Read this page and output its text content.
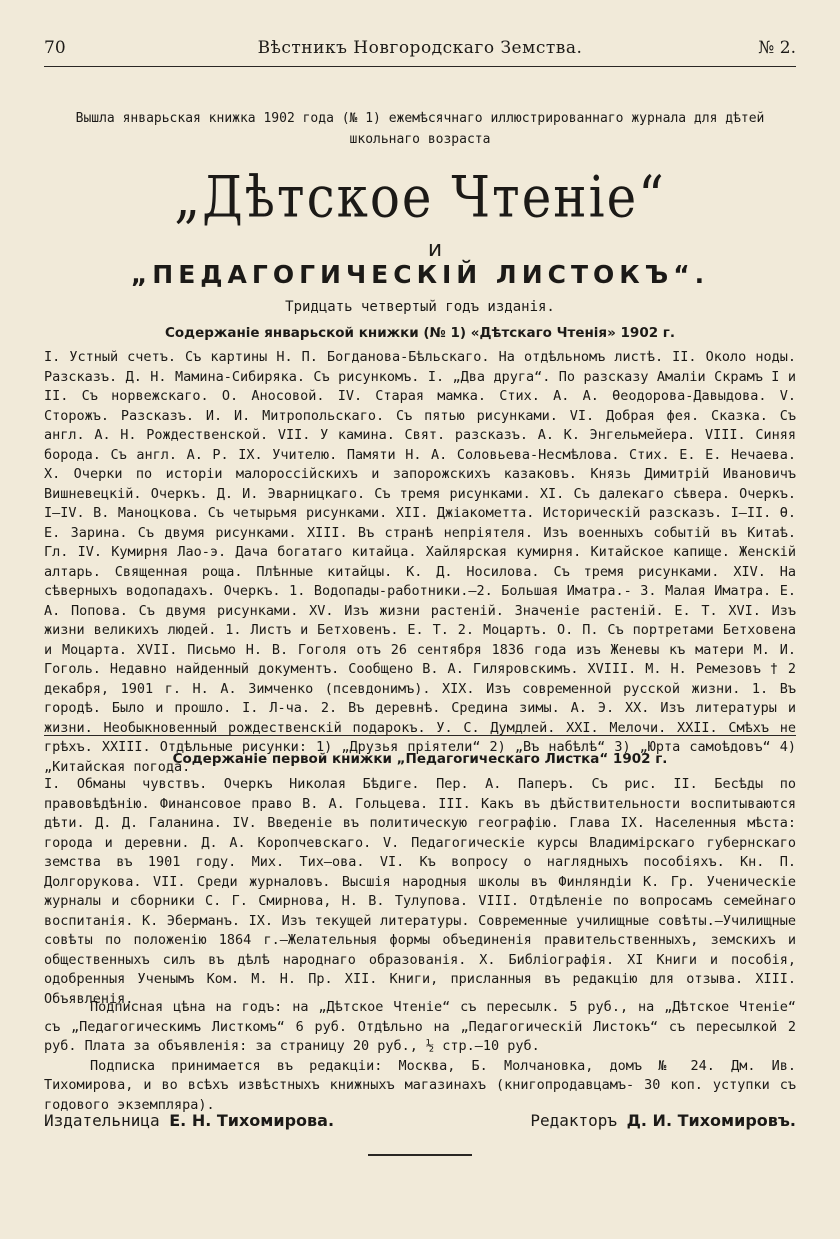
70	Вѣстникъ Новгородскаго Земства.	№ 2.
Вышла январьская книжка 1902 года (№ 1) ежемѣсячнаго иллюстрированнаго журнала для дѣтей школьнаго возраста
„Дѣтское Чтеніе“
и
„ПЕДАГОГИЧЕСКІЙ ЛИСТОКЪ“.
Тридцать четвертый годъ изданія.
Содержаніе январьской книжки (№ 1) «Дѣтскаго Чтенія» 1902 г.
I. Устный счетъ. Съ картины Н. П. Богданова-Бѣльскаго. На отдѣльномъ листѣ. II. Около ноды. Разсказъ. Д. Н. Мамина-Сибиряка. Съ рисункомъ. I. „Два друга“. По разсказу Амаліи Скрамъ I и II. Съ норвежскаго. О. Аносовой. IV. Старая мамка. Стих. А. А. Ѳеодорова-Давыдова. V. Сторожъ. Разсказъ. И. И. Митропольскаго. Съ пятью рисунками. VI. Добрая фея. Сказка. Съ англ. А. Н. Рождественской. VII. У камина. Свят. разсказъ. А. К. Энгельмейера. VIII. Синяя борода. Съ англ. А. Р. IX. Учителю. Памяти Н. А. Соловьева-Несмѣлова. Стих. Е. Е. Нечаева. X. Очерки по исторіи малороссійскихъ и запорожскихъ казаковъ. Князь Димитрій Ивановичъ Вишневецкій. Очеркъ. Д. И. Эварницкаго. Съ тремя рисунками. XI. Съ далекаго сѣвера. Очеркъ. I—IV. В. Маноцкова. Съ четырьмя рисунками. XII. Джіакометта. Историческій разсказъ. I—II. Ѳ. Е. Зарина. Съ двумя рисунками. XIII. Въ странѣ непріятеля. Изъ военныхъ событій въ Китаѣ. Гл. IV. Кумирня Лао-э. Дача богатаго китайца. Хайлярская кумирня. Китайское капище. Женскій алтарь. Священная роща. Плѣнные китайцы. К. Д. Носилова. Съ тремя рисунками. XIV. На сѣверныхъ водопадахъ. Очеркъ. 1. Водопады-работники.—2. Большая Иматра.- 3. Малая Иматра. Е. А. Попова. Съ двумя рисунками. XV. Изъ жизни растеній. Значеніе растеній. Е. Т. XVI. Изъ жизни великихъ людей. 1. Листъ и Бетховенъ. Е. Т. 2. Моцартъ. О. П. Съ портретами Бетховена и Моцарта. XVII. Письмо Н. В. Гоголя отъ 26 сентября 1836 года изъ Женевы къ матери М. И. Гоголь. Недавно найденный документъ. Сообщено В. А. Гиляровскимъ. XVIII. М. Н. Ремезовъ † 2 декабря, 1901 г. Н. А. Зимченко (псевдонимъ). XIX. Изъ современной русской жизни. 1. Въ городѣ. Было и прошло. I. Л-ча. 2. Въ деревнѣ. Средина зимы. А. Э. XX. Изъ литературы и жизни. Необыкновенный рождественскій подарокъ. У. С. Думдлей. XXI. Мелочи. XXII. Смѣхъ не грѣхъ. XXIII. Отдѣльные рисунки: 1) „Друзья пріятели“ 2) „Въ набѣлѣ“ 3) „Юрта самоѣдовъ“ 4) „Китайская погода.
Содержаніе первой книжки „Педагогическаго Листка“ 1902 г.
I. Обманы чувствъ. Очеркъ Николая Бѣдиге. Пер. А. Паперъ. Съ рис. II. Бесѣды по правовѣдѣнію. Финансовое право В. А. Гольцева. III. Какъ въ дѣйствительности воспитываются дѣти. Д. Д. Галанина. IV. Введеніе въ политическую географію. Глава IX. Населенныя мѣста: города и деревни. Д. А. Коропчевскаго. V. Педагогическіе курсы Владимірскаго губернскаго земства въ 1901 году. Мих. Тих—ова. VI. Къ вопросу о наглядныхъ пособіяхъ. Кн. П. Долгорукова. VII. Среди журналовъ. Высшія народныя школы въ Финляндіи К. Гр. Ученическіе журналы и сборники С. Г. Смирнова, Н. В. Тулупова. VIII. Отдѣленіе по вопросамъ семейнаго воспитанія. К. Эберманъ. IX. Изъ текущей литературы. Современные училищные совѣты.—Училищные совѣты по положенію 1864 г.—Желательныя формы объединенія правительственныхъ, земскихъ и общественныхъ силъ въ дѣлѣ народнаго образованія. X. Библіографія. XI Книги и пособія, одобренныя Ученымъ Ком. М. Н. Пр. XII. Книги, присланныя въ редакцію для отзыва. XIII. Объявленія.

Подписная цѣна на годъ: на „Дѣтское Чтеніе“ съ пересылк. 5 руб., на „Дѣтское Чтеніе“ съ „Педагогическимъ Листкомъ“ 6 руб. Отдѣльно на „Педагогическій Листокъ“ съ пересылкой 2 руб. Плата за объявленія: за страницу 20 руб., ½ стр.—10 руб.

Подписка принимается въ редакціи: Москва, Б. Молчановка, домъ № 24. Дм. Ив. Тихомирова, и во всѣхъ извѣстныхъ книжныхъ магазинахъ (книгопродавцамъ- 30 коп. уступки съ годового экземпляра).

Издательница Е. Н. Тихомирова.	Редакторъ Д. И. Тихомировъ.
